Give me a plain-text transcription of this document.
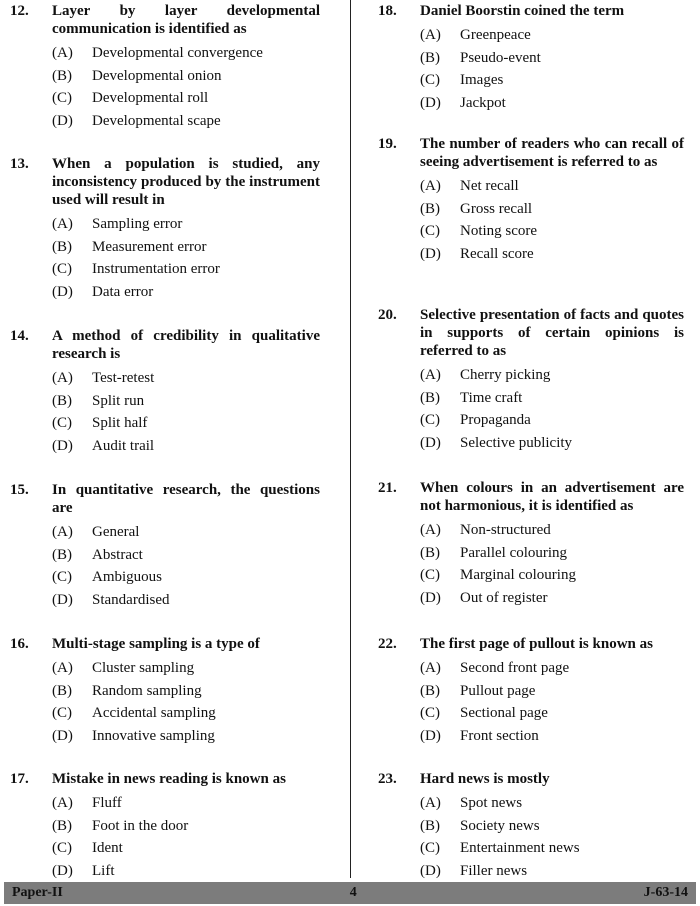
12.	Layer by layer developmental communication is identified as
(A)	Developmental convergence
(B)	Developmental onion
(C)	Developmental roll
(D)	Developmental scape
13.	When a population is studied, any inconsistency produced by the instrument used will result in
(A)	Sampling error
(B)	Measurement error
(C)	Instrumentation error
(D)	Data error
14.	A method of credibility in qualitative research is
(A)	Test-retest
(B)	Split run
(C)	Split half
(D)	Audit trail
15.	In quantitative research, the questions are
(A)	General
(B)	Abstract
(C)	Ambiguous
(D)	Standardised
16.	Multi-stage sampling is a type of
(A)	Cluster sampling
(B)	Random sampling
(C)	Accidental sampling
(D)	Innovative sampling
17.	Mistake in news reading is known as
(A)	Fluff
(B)	Foot in the door
(C)	Ident
(D)	Lift
18.	Daniel Boorstin coined the term
(A)	Greenpeace
(B)	Pseudo-event
(C)	Images
(D)	Jackpot
19.	The number of readers who can recall of seeing advertisement is referred to as
(A)	Net recall
(B)	Gross recall
(C)	Noting score
(D)	Recall score
20.	Selective presentation of facts and quotes in supports of certain opinions is referred to as
(A)	Cherry picking
(B)	Time craft
(C)	Propaganda
(D)	Selective publicity
21.	When colours in an advertisement are not harmonious, it is identified as
(A)	Non-structured
(B)	Parallel colouring
(C)	Marginal colouring
(D)	Out of register
22.	The first page of pullout is known as
(A)	Second front page
(B)	Pullout page
(C)	Sectional page
(D)	Front section
23.	Hard news is mostly
(A)	Spot news
(B)	Society news
(C)	Entertainment news
(D)	Filler news
Paper-II	4	J-63-14
